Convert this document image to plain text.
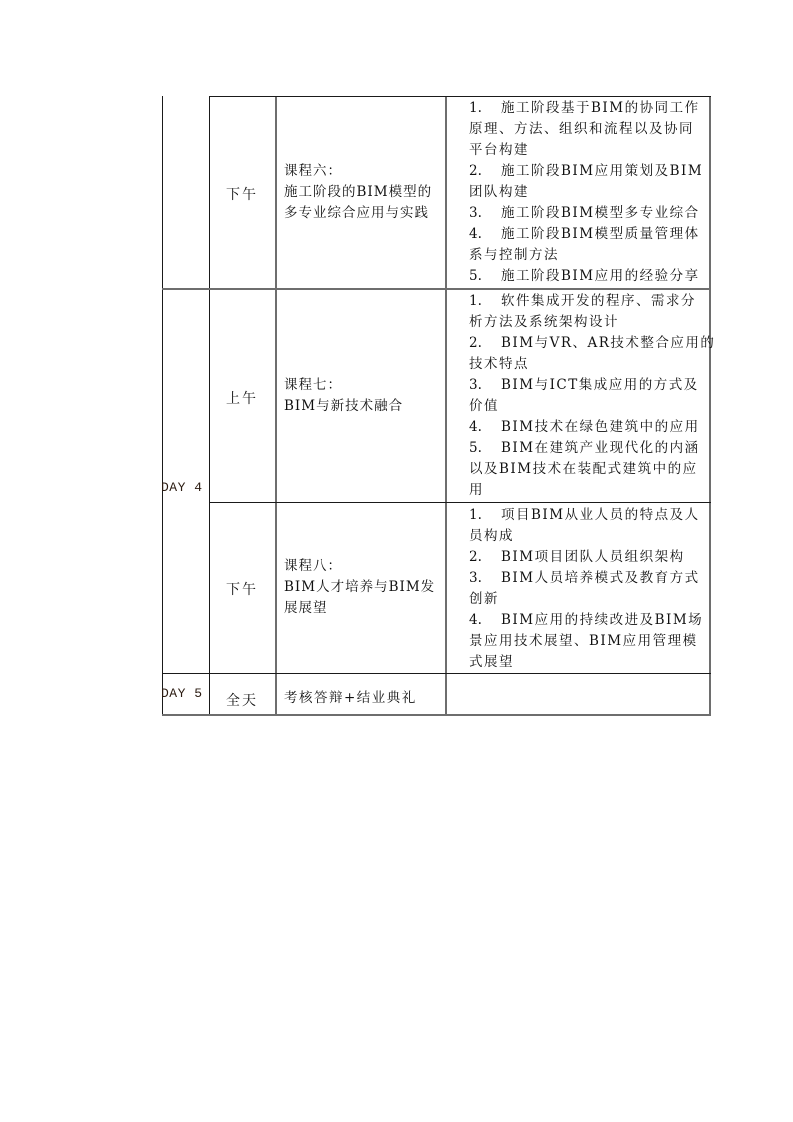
下午
课程六：
施工阶段的BIM模型的
多专业综合应用与实践
1. 施工阶段基于BIM的协同工作
原理、方法、组织和流程以及协同
平台构建
2. 施工阶段BIM应用策划及BIM
团队构建
3. 施工阶段BIM模型多专业综合
4. 施工阶段BIM模型质量管理体
系与控制方法
5. 施工阶段BIM应用的经验分享
DAY 4
上午
课程七：
BIM与新技术融合
1. 软件集成开发的程序、需求分
析方法及系统架构设计
2. BIM与VR、AR技术整合应用的
技术特点
3. BIM与ICT集成应用的方式及
价值
4. BIM技术在绿色建筑中的应用
5. BIM在建筑产业现代化的内涵
以及BIM技术在装配式建筑中的应
用
下午
课程八：
BIM人才培养与BIM发
展展望
1. 项目BIM从业人员的特点及人
员构成
2. BIM项目团队人员组织架构
3. BIM人员培养模式及教育方式
创新
4. BIM应用的持续改进及BIM场
景应用技术展望、BIM应用管理模
式展望
DAY 5	全天	考核答辩+结业典礼
